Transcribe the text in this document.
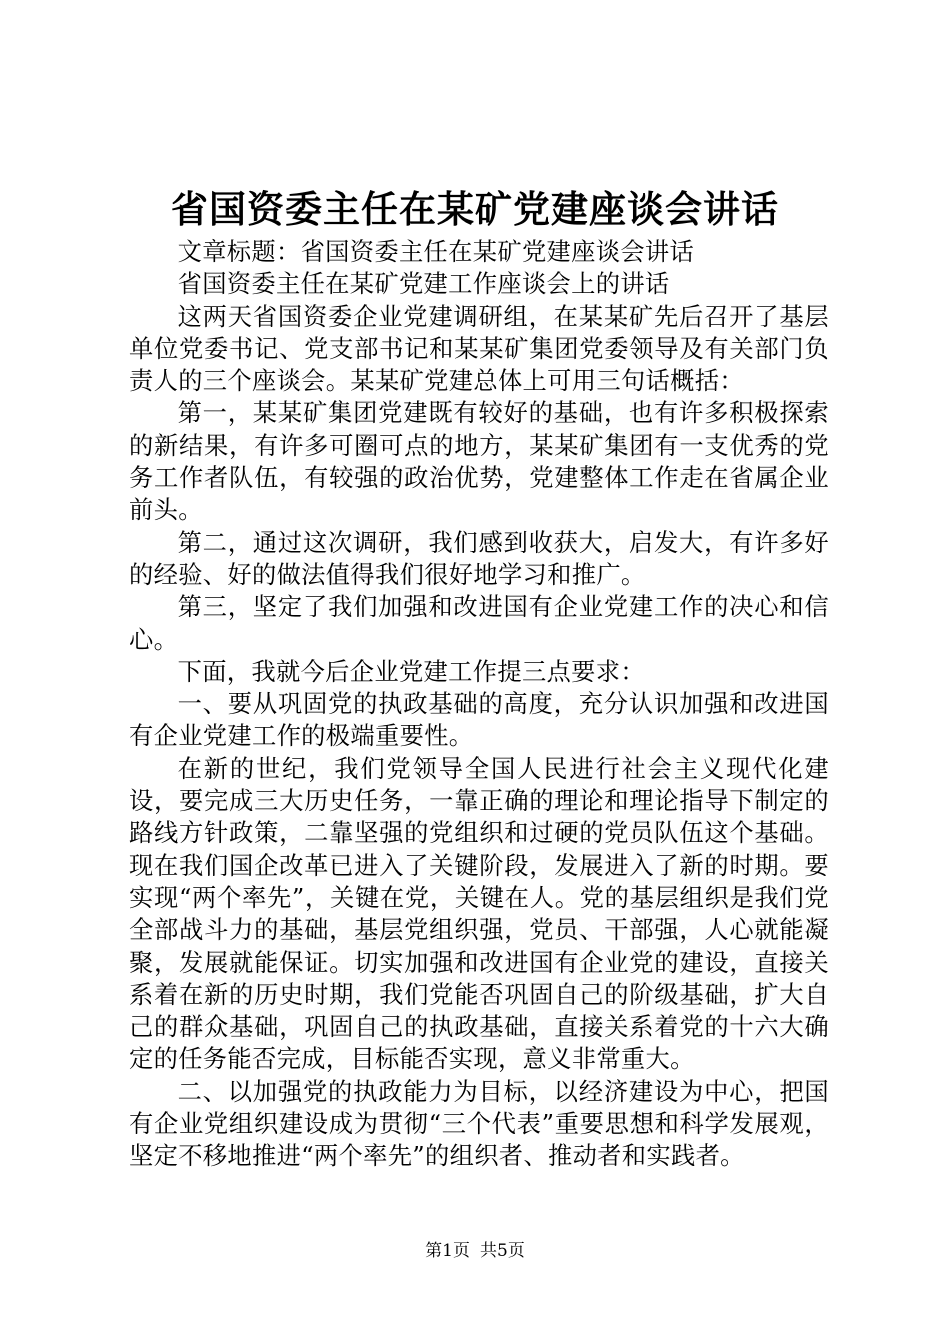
省国资委主任在某矿党建座谈会讲话

文章标题：省国资委主任在某矿党建座谈会讲话

省国资委主任在某矿党建工作座谈会上的讲话

这两天省国资委企业党建调研组，在某某矿先后召开了基层单位党委书记、党支部书记和某某矿集团党委领导及有关部门负责人的三个座谈会。某某矿党建总体上可用三句话概括：

第一，某某矿集团党建既有较好的基础，也有许多积极探索的新结果，有许多可圈可点的地方，某某矿集团有一支优秀的党务工作者队伍，有较强的政治优势，党建整体工作走在省属企业前头。

第二，通过这次调研，我们感到收获大，启发大，有许多好的经验、好的做法值得我们很好地学习和推广。

第三，坚定了我们加强和改进国有企业党建工作的决心和信心。

下面，我就今后企业党建工作提三点要求：

一、要从巩固党的执政基础的高度，充分认识加强和改进国有企业党建工作的极端重要性。

在新的世纪，我们党领导全国人民进行社会主义现代化建设，要完成三大历史任务，一靠正确的理论和理论指导下制定的路线方针政策，二靠坚强的党组织和过硬的党员队伍这个基础。现在我们国企改革已进入了关键阶段，发展进入了新的时期。要实现“两个率先”，关键在党，关键在人。党的基层组织是我们党全部战斗力的基础，基层党组织强，党员、干部强，人心就能凝聚，发展就能保证。切实加强和改进国有企业党的建设，直接关系着在新的历史时期，我们党能否巩固自己的阶级基础，扩大自己的群众基础，巩固自己的执政基础，直接关系着党的十六大确定的任务能否完成，目标能否实现，意义非常重大。

二、以加强党的执政能力为目标，以经济建设为中心，把国有企业党组织建设成为贯彻“三个代表”重要思想和科学发展观，坚定不移地推进“两个率先”的组织者、推动者和实践者。

第1页 共5页
